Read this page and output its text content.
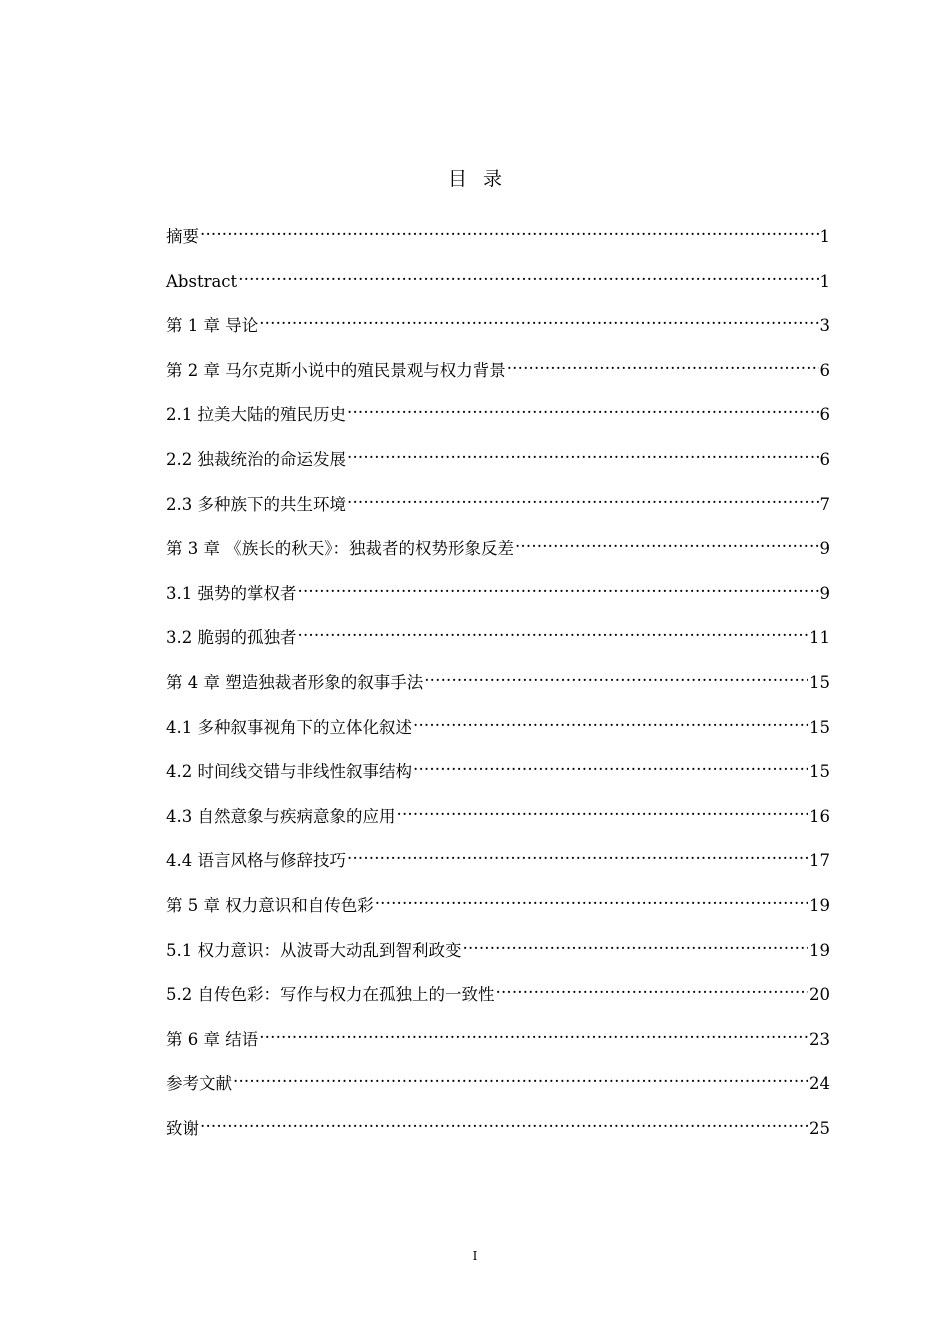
目录
摘要 .....	1
Abstract .....	1
第 1 章 导论 .....	3
第 2 章 马尔克斯小说中的殖民景观与权力背景 .....	6
2.1 拉美大陆的殖民历史 .....	6
2.2 独裁统治的命运发展 .....	6
2.3 多种族下的共生环境 .....	7
第 3 章 《族长的秋天》：独裁者的权势形象反差 .....	9
3.1 强势的掌权者 .....	9
3.2 脆弱的孤独者 .....	11
第 4 章 塑造独裁者形象的叙事手法 .....	15
4.1 多种叙事视角下的立体化叙述 .....	15
4.2 时间线交错与非线性叙事结构 .....	15
4.3 自然意象与疾病意象的应用 .....	16
4.4 语言风格与修辞技巧 .....	17
第 5 章 权力意识和自传色彩 .....	19
5.1 权力意识：从波哥大动乱到智利政变 .....	19
5.2 自传色彩：写作与权力在孤独上的一致性 .....	20
第 6 章 结语 .....	23
参考文献 .....	24
致谢 .....	25
I
